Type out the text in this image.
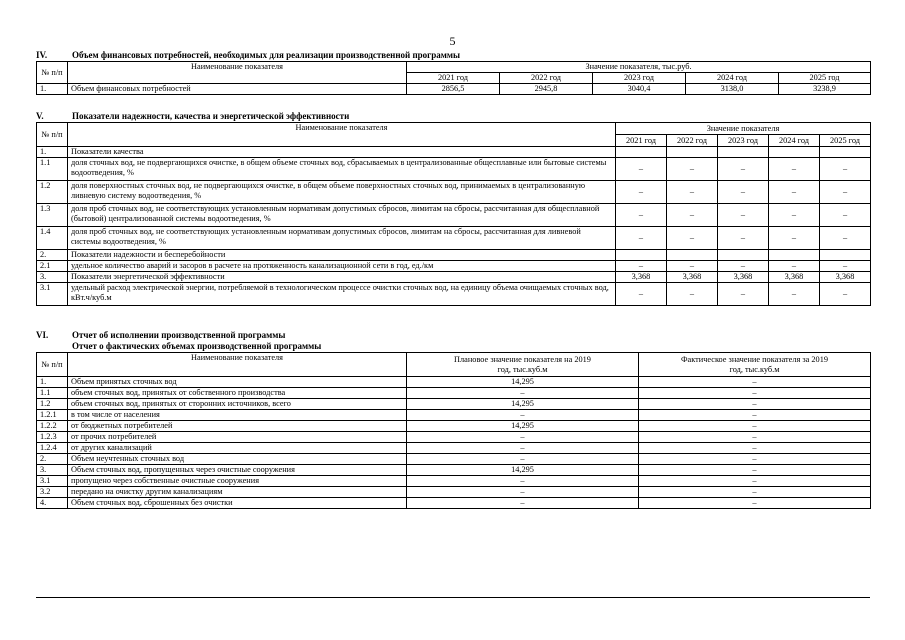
5
IV.	Объем финансовых потребностей, необходимых для реализации производственной программы
№ п/п	Наименование показателя	Значение показателя, тыс.руб.				
		2021 год	2022 год	2023 год	2024 год	2025 год
1.	Объем финансовых потребностей	2856,5	2945,8	3040,4	3138,0	3238,9
V.	Показатели надежности, качества и энергетической эффективности
№ п/п	Наименование показателя	Значение показателя				
		2021 год	2022 год	2023 год	2024 год	2025 год
1.	Показатели качества					
1.1	доля сточных вод, не подвергающихся очистке, в общем объеме сточных вод, сбрасываемых в централизованные общесплавные или бытовые системы водоотведения, %	–	–	–	–	–
1.2	доля поверхностных сточных вод, не подвергающихся очистке, в общем объеме поверхностных сточных вод, принимаемых в централизованную ливневую систему водоотведения, %	–	–	–	–	–
1.3	доля проб сточных вод, не соответствующих установленным нормативам допустимых сбросов, лимитам на сбросы, рассчитанная для общесплавной (бытовой) централизованной системы водоотведения, %	–	–	–	–	–
1.4	доля проб сточных вод, не соответствующих установленным нормативам допустимых сбросов, лимитам на сбросы, рассчитанная для ливневой системы водоотведения, %	–	–	–	–	–
2.	Показатели надежности и бесперебойности					
2.1	удельное количество аварий и засоров в расчете на протяженность канализационной сети в год, ед./км	–	–	–	–	–
3.	Показатели энергетической эффективности	3,368	3,368	3,368	3,368	3,368
3.1	удельный расход электрической энергии, потребляемой в технологическом процессе очистки сточных вод, на единицу объема очищаемых сточных вод, кВт.ч/куб.м	–	–	–	–	–
VI.	Отчет об исполнении производственной программы
Отчет о фактических объемах производственной программы
№ п/п	Наименование показателя	Плановое значение показателя на 2019 год, тыс.куб.м	Фактическое значение показателя за 2019 год, тыс.куб.м
1.	Объем принятых сточных вод	14,295	–
1.1	объем сточных вод, принятых от собственного производства	–	–
1.2	объем сточных вод, принятых от сторонних источников, всего	14,295	–
1.2.1	в том числе от населения	–	–
1.2.2	от бюджетных потребителей	14,295	–
1.2.3	от прочих потребителей	–	–
1.2.4	от других канализаций	–	–
2.	Объем неучтенных сточных вод	–	–
3.	Объем сточных вод, пропущенных через очистные сооружения	14,295	–
3.1	пропущено через собственные очистные сооружения	–	–
3.2	передано на очистку другим канализациям	–	–
4.	Объем сточных вод, сброшенных без очистки	–	–
